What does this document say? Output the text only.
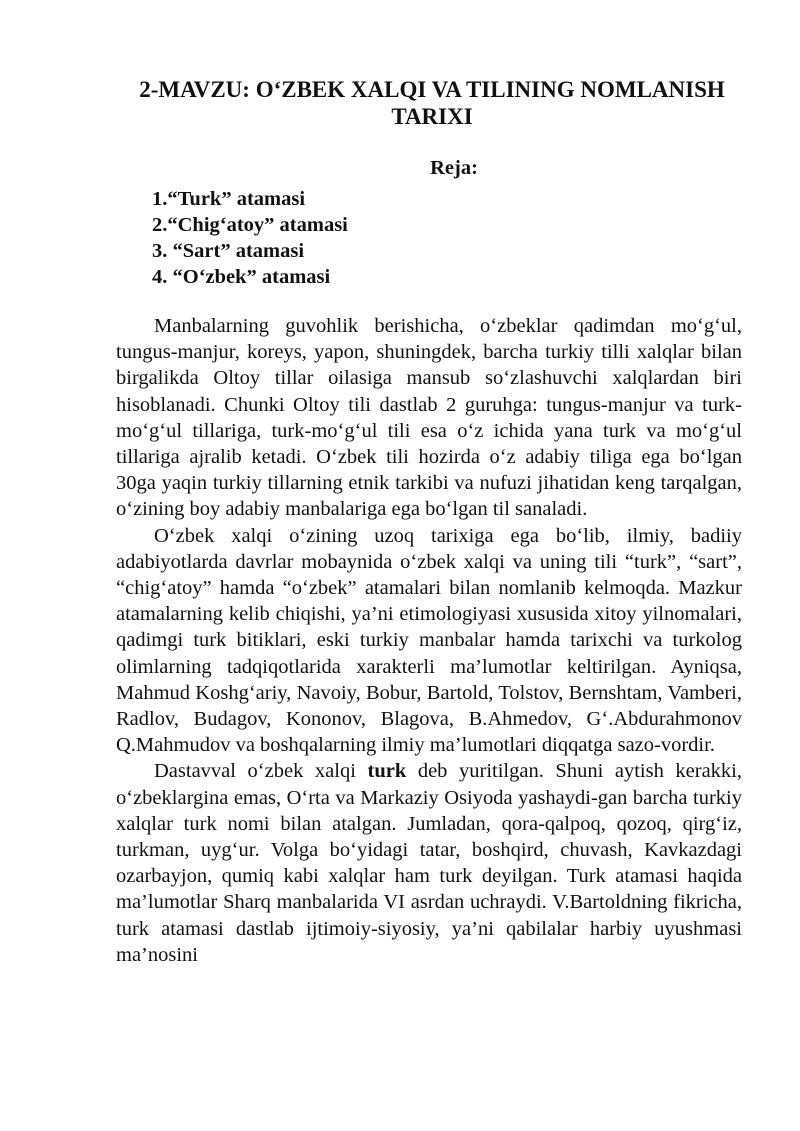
2-MAVZU: O‘ZBEK XALQI VA TILINING NOMLANISH
TARIXI
Reja:
1.“Turk” atamasi
2.“Chig‘atoy” atamasi
3. “Sart” atamasi
4. “O‘zbek” atamasi

Manbalarning guvohlik berishicha, o‘zbeklar qadimdan mo‘g‘ul, tungus-manjur, koreys, yapon, shuningdek, barcha turkiy tilli xalqlar bilan birgalikda Oltoy tillar oilasiga mansub so‘zlashuvchi xalqlardan biri hisoblanadi. Chunki Oltoy tili dastlab 2 guruhga: tungus-manjur va turk-mo‘g‘ul tillariga, turk-mo‘g‘ul tili esa o‘z ichida yana turk va mo‘g‘ul tillariga ajralib ketadi. O‘zbek tili hozirda o‘z adabiy tiliga ega bo‘lgan 30ga yaqin turkiy tillarning etnik tarkibi va nufuzi jihatidan keng tarqalgan, o‘zining boy adabiy manbalariga ega bo‘lgan til sanaladi.

O‘zbek xalqi o‘zining uzoq tarixiga ega bo‘lib, ilmiy, badiiy adabiyotlarda davrlar mobaynida o‘zbek xalqi va uning tili “turk”, “sart”, “chig‘atoy” hamda “o‘zbek” atamalari bilan nomlanib kelmoqda. Mazkur atamalarning kelib chiqishi, ya’ni etimologiyasi xususida xitoy yilnomalari, qadimgi turk bitiklari, eski turkiy manbalar hamda tarixchi va turkolog olimlarning tadqiqotlarida xarakterli ma’lumotlar keltirilgan. Ayniqsa, Mahmud Koshg‘ariy, Navoiy, Bobur, Bartold, Tolstov, Bernshtam, Vamberi, Radlov, Budagov, Kononov, Blagova, B.Ahmedov, G‘.Abdurahmonov Q.Mahmudov va boshqalarning ilmiy ma’lumotlari diqqatga sazo-vordir.

Dastavval o‘zbek xalqi turk deb yuritilgan. Shuni aytish kerakki, o‘zbeklargina emas, O‘rta va Markaziy Osiyoda yashaydi-gan barcha turkiy xalqlar turk nomi bilan atalgan. Jumladan, qora-qalpoq, qozoq, qirg‘iz, turkman, uyg‘ur. Volga bo‘yidagi tatar, boshqird, chuvash, Kavkazdagi ozarbayjon, qumiq kabi xalqlar ham turk deyilgan. Turk atamasi haqida ma’lumotlar Sharq manbalarida VI asrdan uchraydi. V.Bartoldning fikricha, turk atamasi dastlab ijtimoiy-siyosiy, ya’ni qabilalar harbiy uyushmasi ma’nosini
